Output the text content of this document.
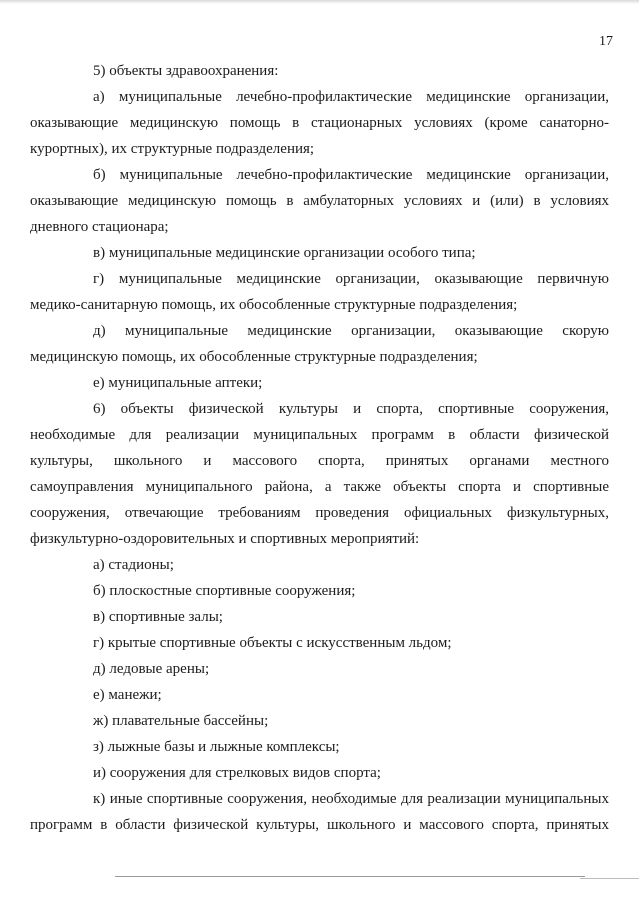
17

5) объекты здравоохранения:

а) муниципальные лечебно-профилактические медицинские организации,

оказывающие медицинскую помощь в стационарных условиях (кроме санаторно-

курортных), их структурные подразделения;

б) муниципальные лечебно-профилактические медицинские организации,

оказывающие медицинскую помощь в амбулаторных условиях и (или) в условиях

дневного стационара;

в) муниципальные медицинские организации особого типа;

г) муниципальные медицинские организации, оказывающие первичную

медико-санитарную помощь, их обособленные структурные подразделения;

д) муниципальные медицинские организации, оказывающие скорую

медицинскую помощь, их обособленные структурные подразделения;

е) муниципальные аптеки;

6) объекты физической культуры и спорта, спортивные сооружения,

необходимые для реализации муниципальных программ в области физической

культуры, школьного и массового спорта, принятых органами местного

самоуправления муниципального района, а также объекты спорта и спортивные

сооружения, отвечающие требованиям проведения официальных физкультурных,

физкультурно-оздоровительных и спортивных мероприятий:

а) стадионы;

б) плоскостные спортивные сооружения;

в) спортивные залы;

г) крытые спортивные объекты с искусственным льдом;

д) ледовые арены;

е) манежи;

ж) плавательные бассейны;

з) лыжные базы и лыжные комплексы;

и) сооружения для стрелковых видов спорта;

к) иные спортивные сооружения, необходимые для реализации муниципальных

программ в области физической культуры, школьного и массового спорта, принятых
